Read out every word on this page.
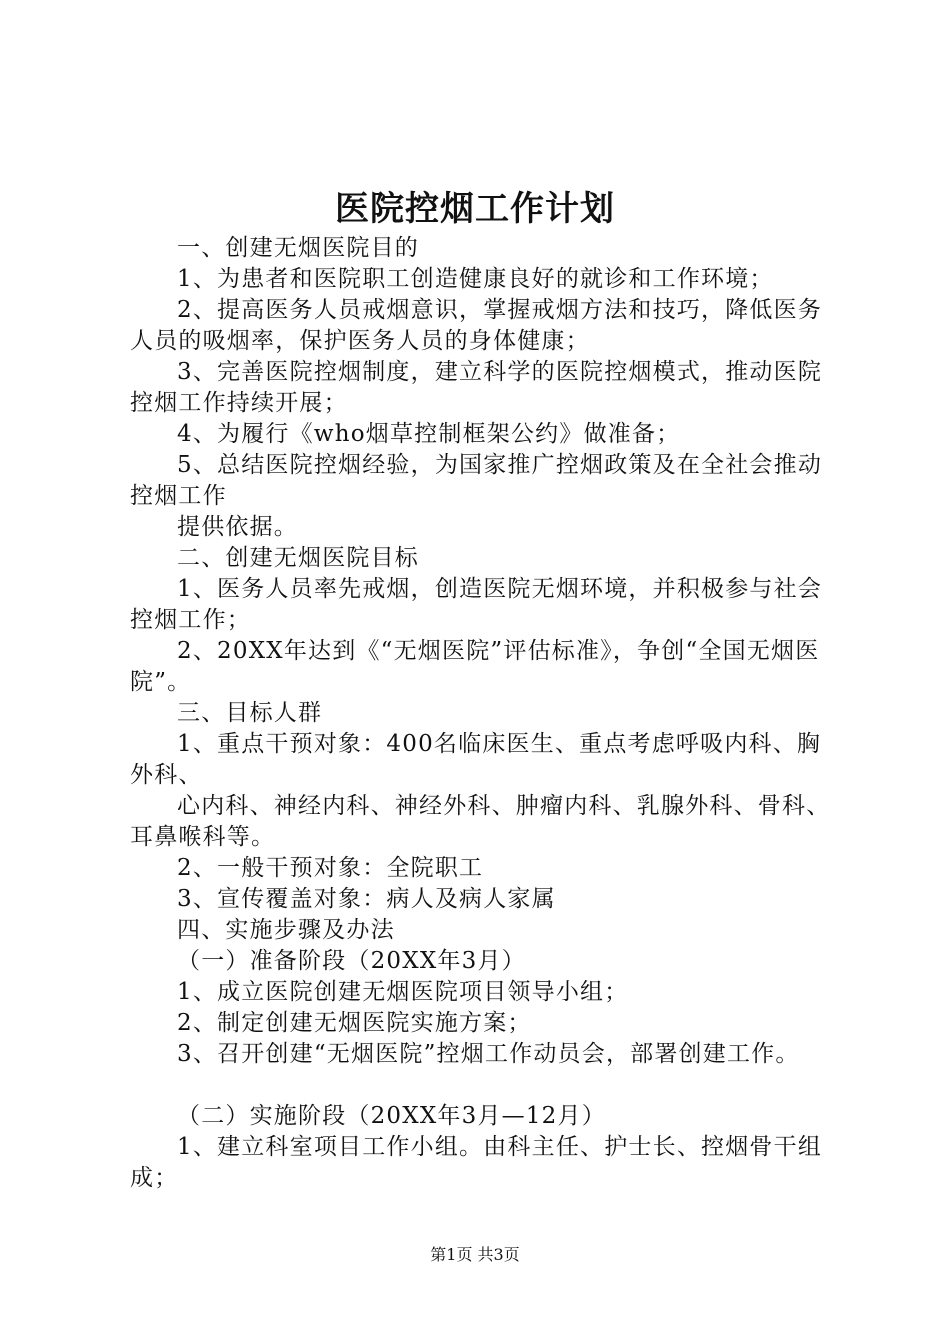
医院控烟工作计划

一、创建无烟医院目的

1、为患者和医院职工创造健康良好的就诊和工作环境；

2、提高医务人员戒烟意识，掌握戒烟方法和技巧，降低医务人员的吸烟率，保护医务人员的身体健康；

3、完善医院控烟制度，建立科学的医院控烟模式，推动医院控烟工作持续开展；

4、为履行《who烟草控制框架公约》做准备；

5、总结医院控烟经验，为国家推广控烟政策及在全社会推动控烟工作

提供依据。

二、创建无烟医院目标

1、医务人员率先戒烟，创造医院无烟环境，并积极参与社会控烟工作；

2、20XX年达到《“无烟医院”评估标准》，争创“全国无烟医院”。

三、目标人群

1、重点干预对象：400名临床医生、重点考虑呼吸内科、胸外科、

心内科、神经内科、神经外科、肿瘤内科、乳腺外科、骨科、耳鼻喉科等。

2、一般干预对象：全院职工

3、宣传覆盖对象：病人及病人家属

四、实施步骤及办法

（一）准备阶段（20XX年3月）

1、成立医院创建无烟医院项目领导小组；

2、制定创建无烟医院实施方案；

3、召开创建“无烟医院”控烟工作动员会，部署创建工作。

（二）实施阶段（20XX年3月—12月）

1、建立科室项目工作小组。由科主任、护士长、控烟骨干组成；

第1页 共3页
